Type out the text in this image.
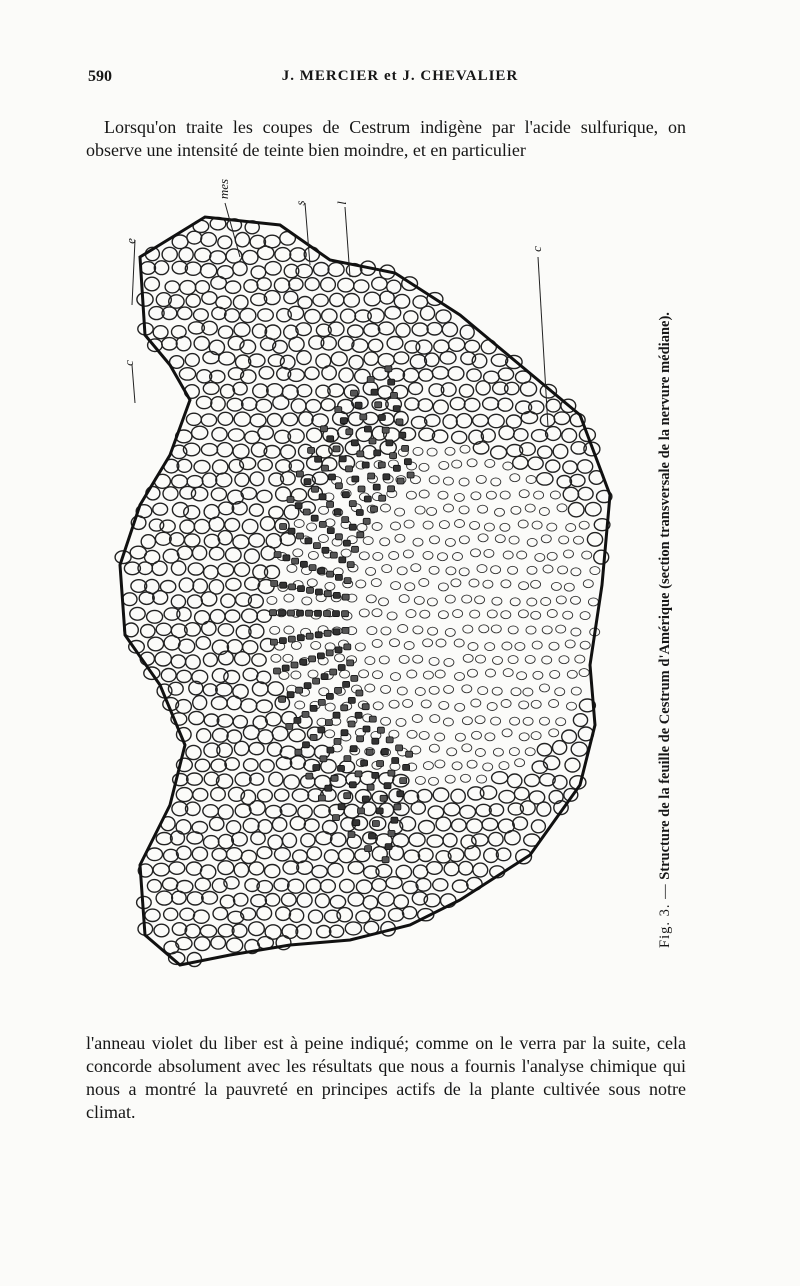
590	J. MERCIER et J. CHEVALIER

Lorsqu'on traite les coupes de Cestrum indigène par l'acide sulfurique, on observe une intensité de teinte bien moindre, et en particulier

e
mes
s l
c
c
Fig. 3. — Structure de la feuille de Cestrum d'Amérique (section transversale de la nervure médiane).

l'anneau violet du liber est à peine indiqué; comme on le verra par la suite, cela concorde absolument avec les résultats que nous a fournis l'analyse chimique qui nous a montré la pauvreté en principes actifs de la plante cultivée sous notre climat.
